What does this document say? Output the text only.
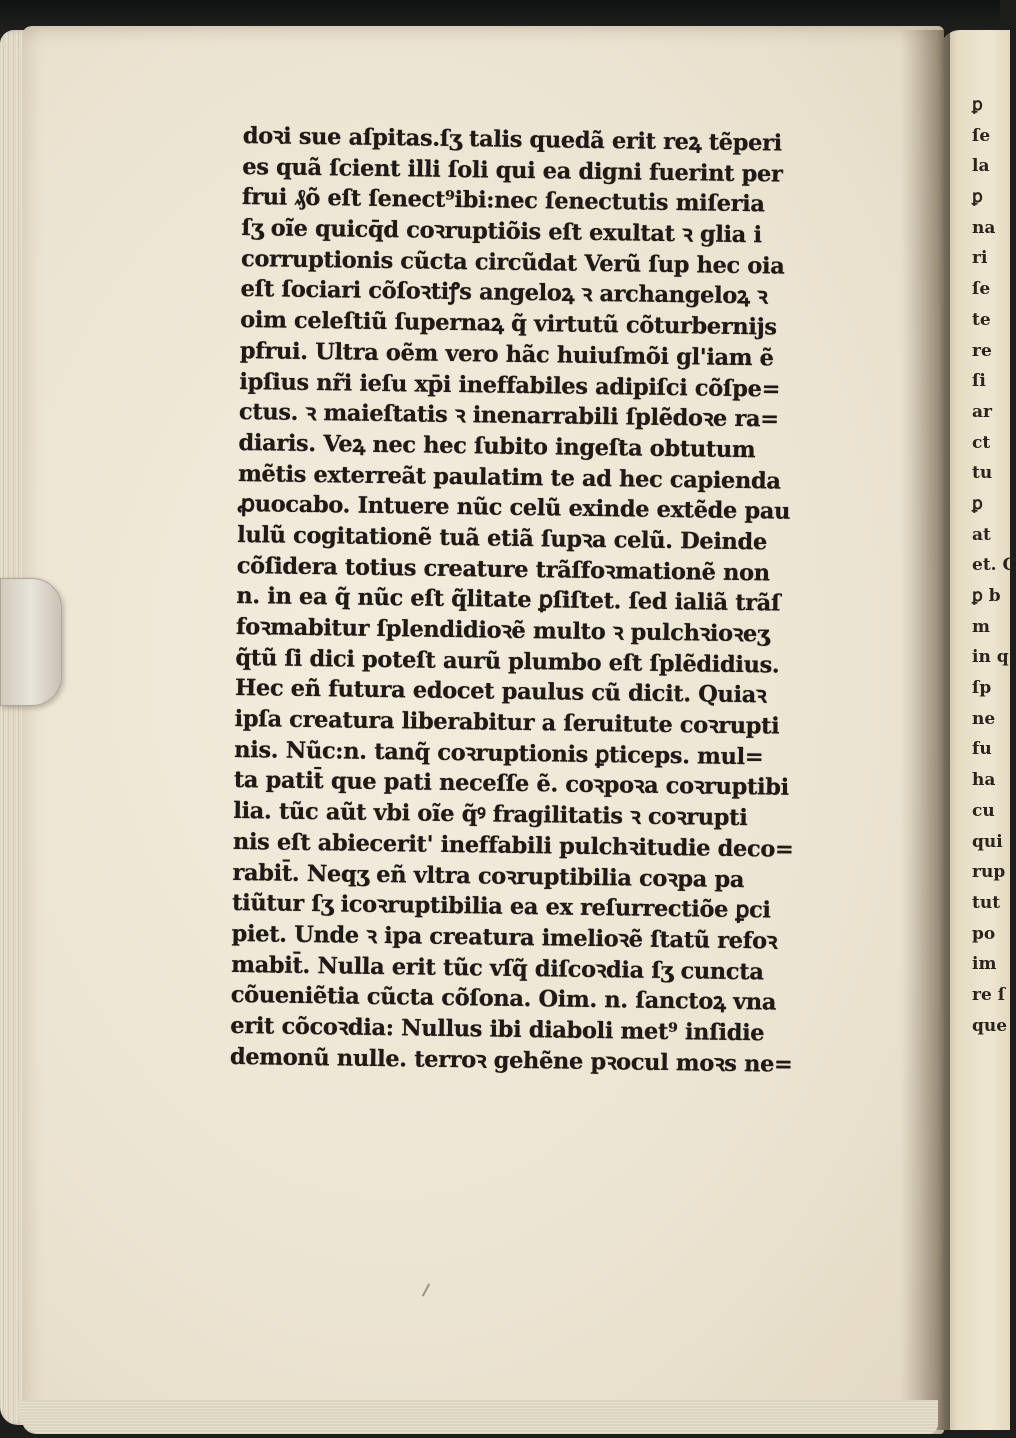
ꝑ
ſe
la
ꝑ
na
ri
ſe
te
re
ſi
ar
ct
tu
ꝑ
at
et. C
ꝑ b
m
in q
ſp
ne
fu
ha
cu
qui
rup
tut
po
im
re ſ
que
doꝛi sue aſpitas.ſʒ talis quedã erit reꝝ tẽperi
es quã ſcient illi ſoli qui ea digni fuerint per
frui ₰õ eſt ſenect⁹ibi:nec ſenectutis miſeria
ſʒ oĩe quicq̄d coꝛruptiõis eſt exultat ꝛ glia i
corruptionis cũcta circũdat Verũ ſup hec oia
eſt ſociari cõſoꝛtiꝭs angeloꝝ ꝛ archangeloꝝ ꝛ
oim celeſtiũ ſupernaꝝ q̃ virtutũ cõturbernijs
pfrui. Ultra oẽm vero hãc huiuſmõi gl'iam ẽ
ipſius nr̃i ieſu xp̄i ineffabiles adipiſci cõſpe=
ctus. ꝛ maieſtatis ꝛ inenarrabili ſplẽdoꝛe ra=
diaris. Veꝝ nec hec ſubito ingeſta obtutum
mẽtis exterreãt paulatim te ad hec capienda
ꝓuocabo. Intuere nũc celũ exinde extẽde pau
lulũ cogitationẽ tuã etiã ſupꝛa celũ. Deinde
cõſidera totius creature trãſfoꝛmationẽ non
n. in ea q̃ nũc eſt q̃litate ꝑſiſtet. ſed ialiã trãſ
foꝛmabitur ſplendidioꝛẽ multo ꝛ pulchꝛioꝛeʒ
q̃tũ ſi dici poteſt aurũ plumbo eſt ſplẽdidius.
Hec eñ futura edocet paulus cũ dicit. Quiaꝛ
ipſa creatura liberabitur a ſeruitute coꝛrupti
nis. Nũc:n. tanq̃ coꝛruptionis ꝑticeps. mul=
ta patit̄ que pati neceſſe ẽ. coꝛpoꝛa coꝛruptibi
lia. tũc aũt vbi oĩe q̃ꝰ fragilitatis ꝛ coꝛrupti
nis eſt abiecerit' ineffabili pulchꝛitudie deco=
rabit̄. Neqʒ eñ vltra coꝛruptibilia coꝛpa pa
tiũtur ſʒ icoꝛruptibilia ea ex reſurrectiõe ꝑci
piet. Unde ꝛ ipa creatura imelioꝛẽ ſtatũ refoꝛ
mabit̄. Nulla erit tũc vſq̃ diſcoꝛdia ſʒ cuncta
cõueniẽtia cũcta cõſona. Oim. n. ſanctoꝝ vna
erit cõcoꝛdia: Nullus ibi diaboli met⁹ inſidie
demonũ nulle. terroꝛ gehẽne pꝛocul moꝛs ne=
